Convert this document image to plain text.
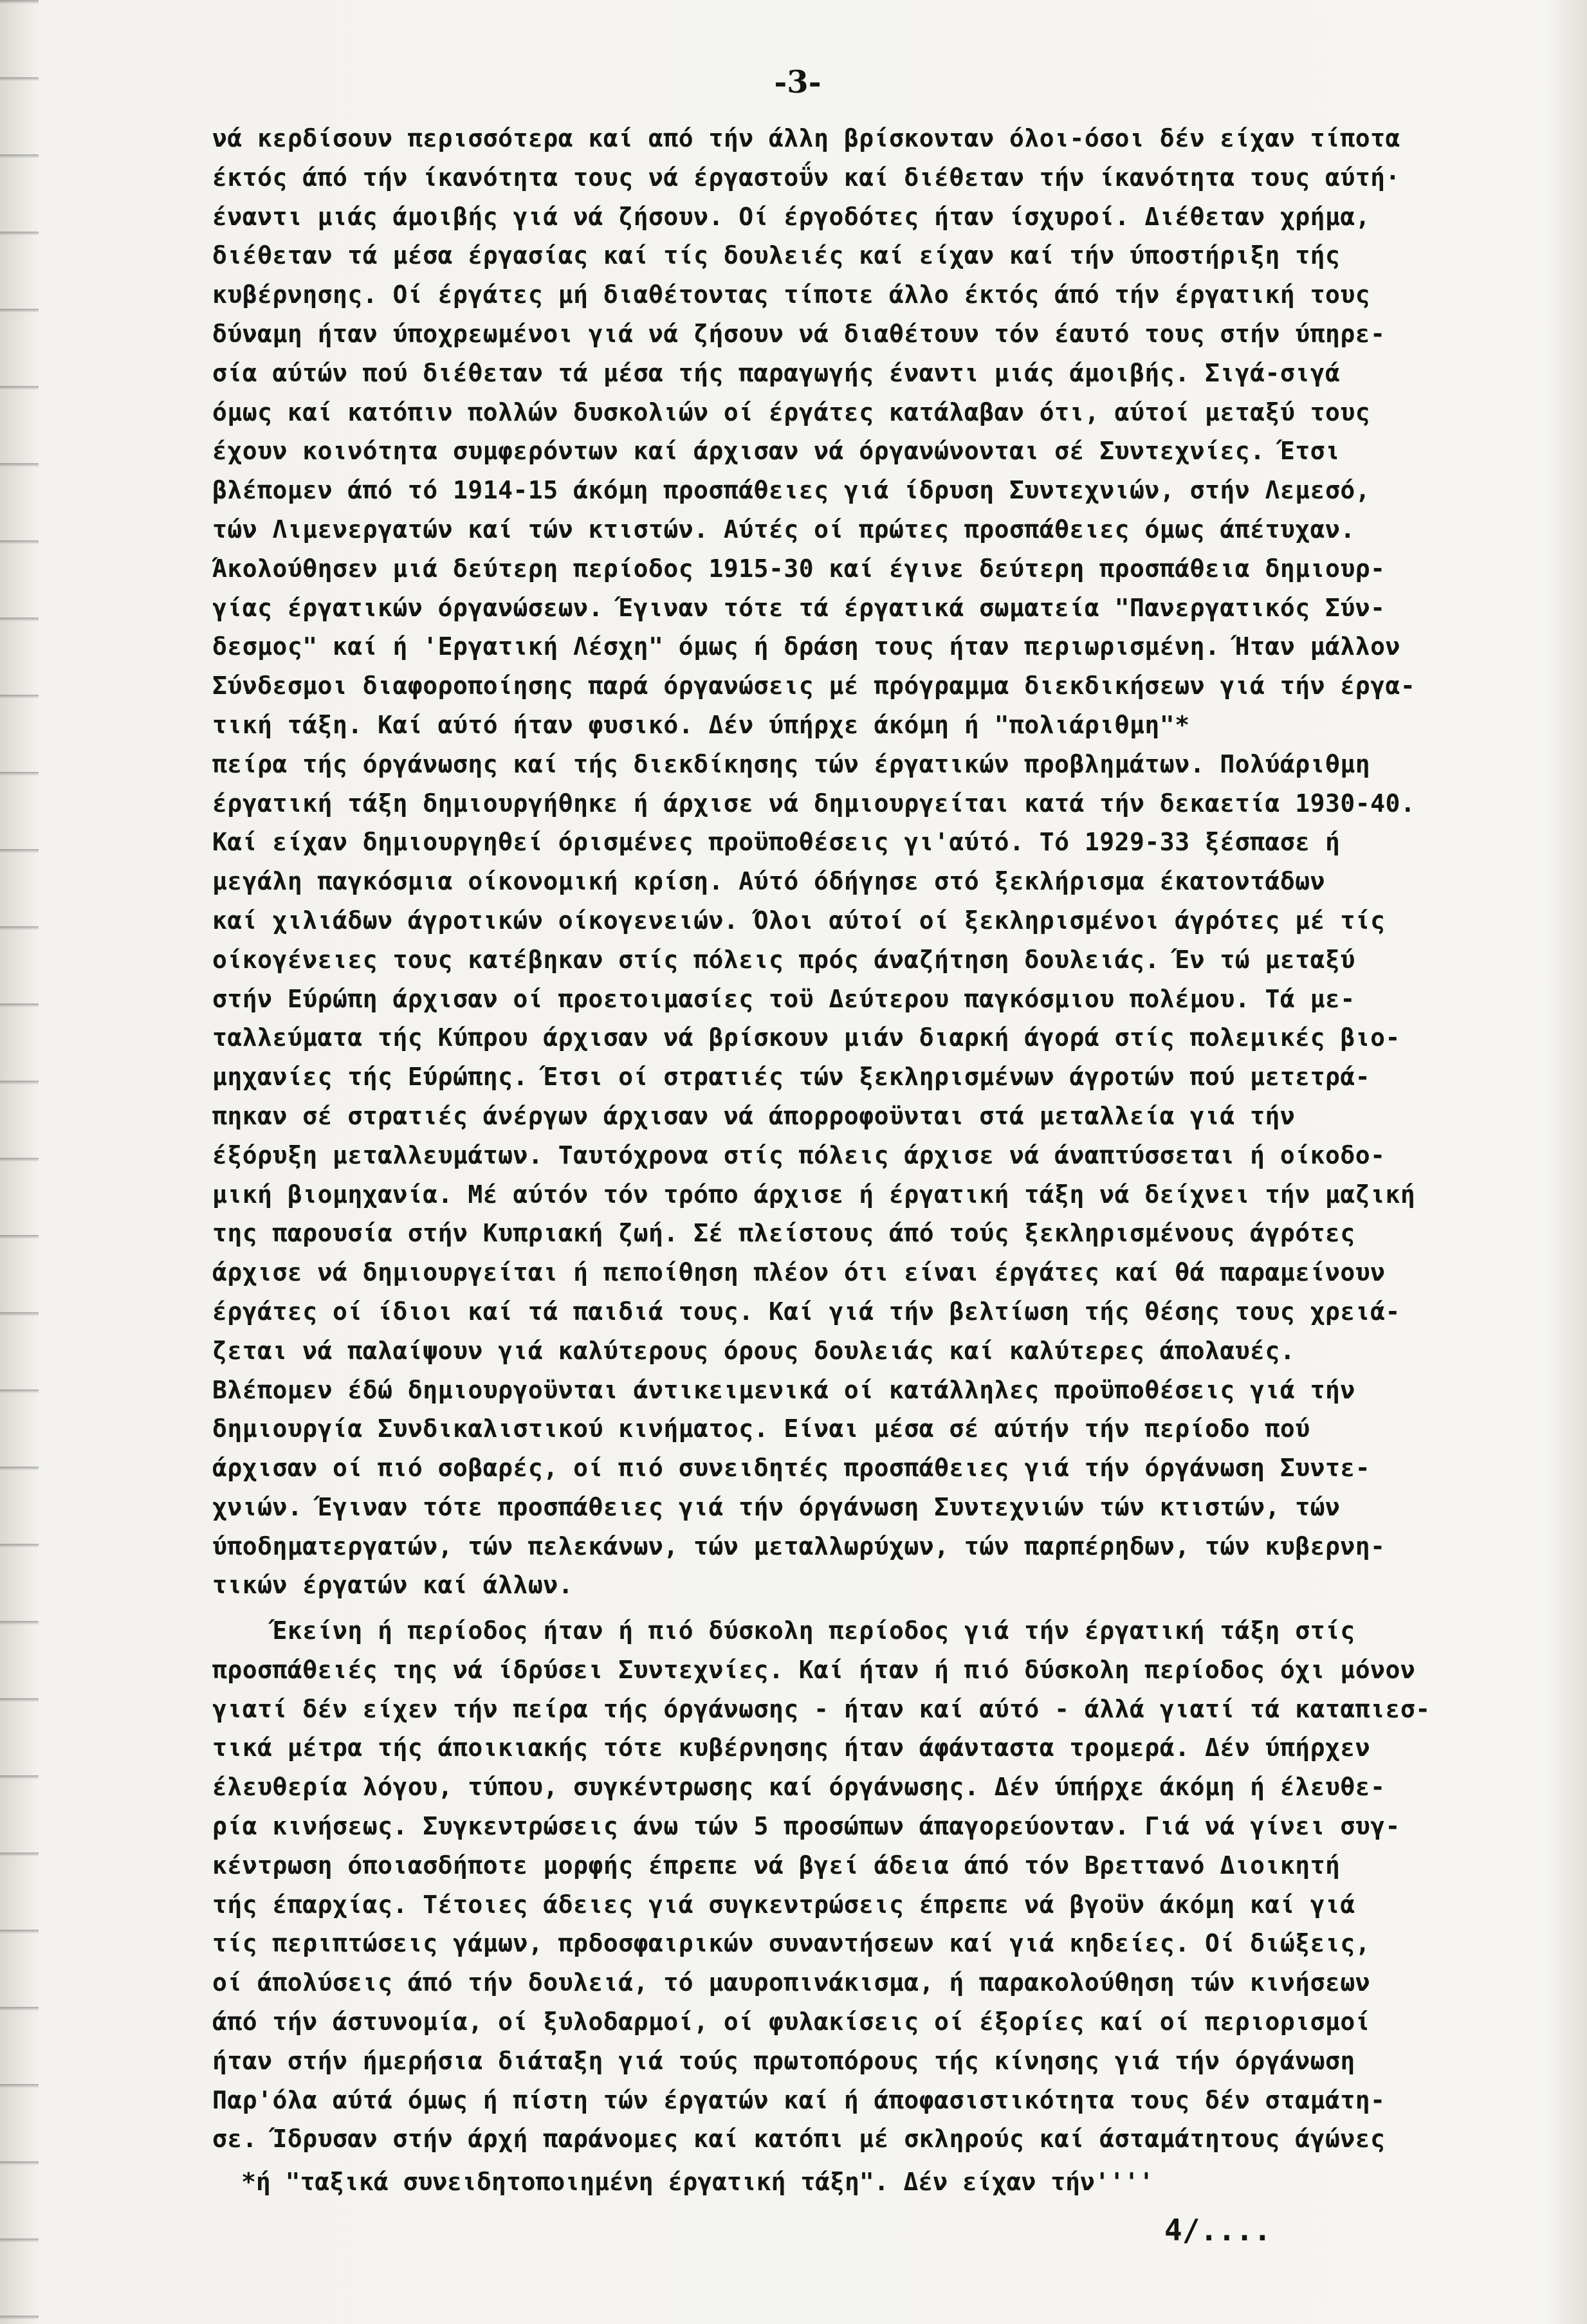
-3-
νά κερδίσουν περισσότερα καί από τήν άλλη βρίσκονταν όλοι-όσοι δέν είχαν τίποτα
έκτός άπό τήν ίκανότητα τους νά έργαστοΰν καί διέθεταν τήν ίκανότητα τους αύτή·
έναντι μιάς άμοιβής γιά νά ζήσουν. Οί έργοδότες ήταν ίσχυροί. Διέθεταν χρήμα,
διέθεταν τά μέσα έργασίας καί τίς δουλειές καί είχαν καί τήν ύποστήριξη τής
κυβέρνησης. Οί έργάτες μή διαθέτοντας τίποτε άλλο έκτός άπό τήν έργατική τους
δύναμη ήταν ύποχρεωμένοι γιά νά ζήσουν νά διαθέτουν τόν έαυτό τους στήν ύπηρε-
σία αύτών πού διέθεταν τά μέσα τής παραγωγής έναντι μιάς άμοιβής. Σιγά-σιγά
όμως καί κατόπιν πολλών δυσκολιών οί έργάτες κατάλαβαν ότι, αύτοί μεταξύ τους
έχουν κοινότητα συμφερόντων καί άρχισαν νά όργανώνονται σέ Συντεχνίες. Έτσι
βλέπομεν άπό τό 1914-15 άκόμη προσπάθειες γιά ίδρυση Συντεχνιών, στήν Λεμεσό,
τών Λιμενεργατών καί τών κτιστών. Αύτές οί πρώτες προσπάθειες όμως άπέτυχαν.
Άκολούθησεν μιά δεύτερη περίοδος 1915-30 καί έγινε δεύτερη προσπάθεια δημιουρ-
γίας έργατικών όργανώσεων. Έγιναν τότε τά έργατικά σωματεία "Πανεργατικός Σύν-
δεσμος" καί ή 'Εργατική Λέσχη" όμως ή δράση τους ήταν περιωρισμένη. Ήταν μάλλον
Σύνδεσμοι διαφοροποίησης παρά όργανώσεις μέ πρόγραμμα διεκδικήσεων γιά τήν έργα-
τική τάξη. Καί αύτό ήταν φυσικό. Δέν ύπήρχε άκόμη ή "πολιάριθμη"*
πείρα τής όργάνωσης καί τής διεκδίκησης τών έργατικών προβλημάτων. Πολύάριθμη
έργατική τάξη δημιουργήθηκε ή άρχισε νά δημιουργείται κατά τήν δεκαετία 1930-40.
Καί είχαν δημιουργηθεί όρισμένες προϋποθέσεις γι'αύτό. Τό 1929-33 ξέσπασε ή
μεγάλη παγκόσμια οίκονομική κρίση. Αύτό όδήγησε στό ξεκλήρισμα έκατοντάδων
καί χιλιάδων άγροτικών οίκογενειών. Όλοι αύτοί οί ξεκληρισμένοι άγρότες μέ τίς
οίκογένειες τους κατέβηκαν στίς πόλεις πρός άναζήτηση δουλειάς. Έν τώ μεταξύ
στήν Εύρώπη άρχισαν οί προετοιμασίες τοϋ Δεύτερου παγκόσμιου πολέμου. Τά με-
ταλλεύματα τής Κύπρου άρχισαν νά βρίσκουν μιάν διαρκή άγορά στίς πολεμικές βιο-
μηχανίες τής Εύρώπης. Έτσι οί στρατιές τών ξεκληρισμένων άγροτών πού μετετρά-
πηκαν σέ στρατιές άνέργων άρχισαν νά άπορροφοϋνται στά μεταλλεία γιά τήν
έξόρυξη μεταλλευμάτων. Ταυτόχρονα στίς πόλεις άρχισε νά άναπτύσσεται ή οίκοδο-
μική βιομηχανία. Μέ αύτόν τόν τρόπο άρχισε ή έργατική τάξη νά δείχνει τήν μαζική
της παρουσία στήν Κυπριακή ζωή. Σέ πλείστους άπό τούς ξεκληρισμένους άγρότες
άρχισε νά δημιουργείται ή πεποίθηση πλέον ότι είναι έργάτες καί θά παραμείνουν
έργάτες οί ίδιοι καί τά παιδιά τους. Καί γιά τήν βελτίωση τής θέσης τους χρειά-
ζεται νά παλαίψουν γιά καλύτερους όρους δουλειάς καί καλύτερες άπολαυές.
Βλέπομεν έδώ δημιουργοϋνται άντικειμενικά οί κατάλληλες προϋποθέσεις γιά τήν
δημιουργία Συνδικαλιστικού κινήματος. Είναι μέσα σέ αύτήν τήν περίοδο πού
άρχισαν οί πιό σοβαρές, οί πιό συνειδητές προσπάθειες γιά τήν όργάνωση Συντε-
χνιών. Έγιναν τότε προσπάθειες γιά τήν όργάνωση Συντεχνιών τών κτιστών, τών
ύποδηματεργατών, τών πελεκάνων, τών μεταλλωρύχων, τών παρπέρηδων, τών κυβερνη-
τικών έργατών καί άλλων.
Έκείνη ή περίοδος ήταν ή πιό δύσκολη περίοδος γιά τήν έργατική τάξη στίς
προσπάθειές της νά ίδρύσει Συντεχνίες. Καί ήταν ή πιό δύσκολη περίοδος όχι μόνον
γιατί δέν είχεν τήν πείρα τής όργάνωσης - ήταν καί αύτό - άλλά γιατί τά καταπιεσ-
τικά μέτρα τής άποικιακής τότε κυβέρνησης ήταν άφάνταστα τρομερά. Δέν ύπήρχεν
έλευθερία λόγου, τύπου, συγκέντρωσης καί όργάνωσης. Δέν ύπήρχε άκόμη ή έλευθε-
ρία κινήσεως. Συγκεντρώσεις άνω τών 5 προσώπων άπαγορεύονταν. Γιά νά γίνει συγ-
κέντρωση όποιασδήποτε μορφής έπρεπε νά βγεί άδεια άπό τόν Βρεττανό Διοικητή
τής έπαρχίας. Τέτοιες άδειες γιά συγκεντρώσεις έπρεπε νά βγοϋν άκόμη καί γιά
τίς περιπτώσεις γάμων, πρδοσφαιρικών συναντήσεων καί γιά κηδείες. Οί διώξεις,
οί άπολύσεις άπό τήν δουλειά, τό μαυροπινάκισμα, ή παρακολούθηση τών κινήσεων
άπό τήν άστυνομία, οί ξυλοδαρμοί, οί φυλακίσεις οί έξορίες καί οί περιορισμοί
ήταν στήν ήμερήσια διάταξη γιά τούς πρωτοπόρους τής κίνησης γιά τήν όργάνωση
Παρ'όλα αύτά όμως ή πίστη τών έργατών καί ή άποφασιστικότητα τους δέν σταμάτη-
σε. Ίδρυσαν στήν άρχή παράνομες καί κατόπι μέ σκληρούς καί άσταμάτητους άγώνες
*ή "ταξικά συνειδητοποιημένη έργατική τάξη". Δέν είχαν τήν''''
4/....
